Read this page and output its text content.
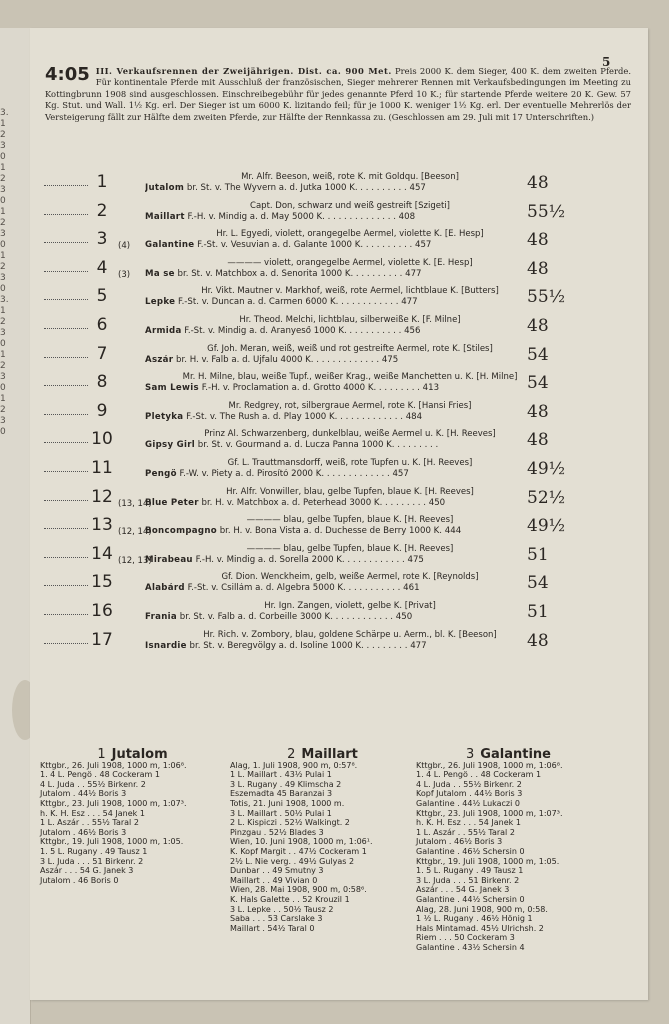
3.
1
2
3
0
1
2
3
0
1
2
3
0
1
2
3
0
3.
1
2
3
0
1
2
3
0
1
2
3
0
5
4:05 III. Verkaufsrennen der Zweijährigen. Dist. ca. 900 Met. Preis 2000 K. dem Sieger, 400 K. dem zweiten Pferde. Für kontinentale Pferde mit Ausschluß der französischen, Sieger mehrerer Rennen mit Verkaufsbedingungen im Meeting zu Kottingbrunn 1908 sind ausgeschlossen. Einschreibegebühr für jedes genannte Pferd 10 K.; für startende Pferde weitere 20 K. Gew. 57 Kg. Stut. und Wall. 1½ Kg. erl. Der Sieger ist um 6000 K. lizitando feil; für je 1000 K. weniger 1½ Kg. erl. Der eventuelle Mehrerlös der Versteigerung fällt zur Hälfte dem zweiten Pferde, zur Hälfte der Rennkassa zu. (Geschlossen am 29. Juli mit 17 Unterschriften.)
1	Mr. Alfr. Beeson, weiß, rote K. mit Goldqu. [Beeson]
Jutalom br. St. v. The Wyvern a. d. Jutka 1000 K. . . . . . . . . . 457	48
2	Capt. Don, schwarz und weiß gestreift [Szigeti]
Maillart F.-H. v. Mindig a. d. May 5000 K. . . . . . . . . . . . . . 408	55½
3	(4)
Hr. L. Egyedi, violett, orangegelbe Aermel, violette K. [E. Hesp]
Galantine F.-St. v. Vesuvian a. d. Galante 1000 K. . . . . . . . . . 457	48
4	(3)
———— violett, orangegelbe Aermel, violette K. [E. Hesp]
Ma se br. St. v. Matchbox a. d. Senorita 1000 K. . . . . . . . . . 477	48
5	Hr. Vikt. Mautner v. Markhof, weiß, rote Aermel, lichtblaue K. [Butters]
Lepke F.-St. v. Duncan a. d. Carmen 6000 K. . . . . . . . . . . . 477	55½
6	Hr. Theod. Melchi, lichtblau, silberweiße K. [F. Milne]
Armida F.-St. v. Mindig a. d. Aranyeső 1000 K. . . . . . . . . . . 456	48
7	Gf. Joh. Meran, weiß, weiß und rot gestreifte Aermel, rote K. [Stiles]
Aszár br. H. v. Falb a. d. Ujfalu 4000 K. . . . . . . . . . . . . 475	54
8	Mr. H. Milne, blau, weiße Tupf., weißer Krag., weiße Manchetten u. K. [H. Milne]
Sam Lewis F.-H. v. Proclamation a. d. Grotto 4000 K. . . . . . . . . 413	54
9	Mr. Redgrey, rot, silbergraue Aermel, rote K. [Hansi Fries]
Pletyka F.-St. v. The Rush a. d. Play 1000 K. . . . . . . . . . . . . 484	48
10	Prinz Al. Schwarzenberg, dunkelblau, weiße Aermel u. K. [H. Reeves]
Gipsy Girl br. St. v. Gourmand a. d. Lucza Panna 1000 K. . . . . . . . .	48
11	Gf. L. Trauttmansdorff, weiß, rote Tupfen u. K. [H. Reeves]
Pengö F.-W. v. Piety a. d. Pirosító 2000 K. . . . . . . . . . . . . 457	49½
12 (13, 14)
Hr. Alfr. Vonwiller, blau, gelbe Tupfen, blaue K. [H. Reeves]
Blue Peter br. H. v. Matchbox a. d. Peterhead 3000 K. . . . . . . . . 450	52½
13 (12, 14)
———— blau, gelbe Tupfen, blaue K. [H. Reeves]
Boncompagno br. H. v. Bona Vista a. d. Duchesse de Berry 1000 K. 444	49½
14 (12, 13)
———— blau, gelbe Tupfen, blaue K. [H. Reeves]
Mirabeau F.-H. v. Mindig a. d. Sorella 2000 K. . . . . . . . . . . . 475	51
15	Gf. Dion. Wenckheim, gelb, weiße Aermel, rote K. [Reynolds]
Alabárd F.-St. v. Csillám a. d. Algebra 5000 K. . . . . . . . . . . 461	54
16	Hr. Ign. Zangen, violett, gelbe K. [Privat]
Frania br. St. v. Falb a. d. Corbeille 3000 K. . . . . . . . . . . . 450	51
17	Hr. Rich. v. Zombory, blau, goldene Schärpe u. Aerm., bl. K. [Beeson]
Isnardie br. St. v. Beregvölgy a. d. Isoline 1000 K. . . . . . . . . 477	48
1 Jutalom
Kttgbr., 26. Juli 1908, 1000 m, 1:06⁸.
1. 4 L. Pengö . 48 Cockeram 1
4 L. Juda . . 55½ Birkenr. 2
Jutalom . 44½ Boris 3
Kttgbr., 23. Juli 1908, 1000 m, 1:07³.
h. K. H. Esz . . . 54 Janek 1
1 L. Aszár . . 55½ Taral 2
Jutalom . 46½ Boris 3
Kttgbr., 19. Juli 1908, 1000 m, 1:05.
1. 5 L. Rugany . 49 Tausz 1
3 L. Juda . . . 51 Birkenr. 2
Aszár . . . 54 G. Janek 3
Jutalom . 46 Boris 0
2 Maillart
Alag, 1. Juli 1908, 900 m, 0:57⁸.
1 L. Maillart . 43½ Pulai 1
3 L. Rugany . 49 Klimscha 2
Eszemadta 45 Baranzai 3
Totis, 21. Juni 1908, 1000 m.
3 L. Maillart . 50½ Pulai 1
2 L. Kispiczi . 52½ Walkingt. 2
Pinzgau . 52½ Blades 3
Wien, 10. Juni 1908, 1000 m, 1:06¹.
K. Kopf Margit . . 47½ Cockeram 1
2½ L. Nie verg. . 49½ Gulyas 2
Dunbar . . 49 Smutny 3
Maillart . . 49 Vivian 0
Wien, 28. Mai 1908, 900 m, 0:58⁶.
K. Hals Galette . . 52 Krouzil 1
3 L. Lepke . . 50½ Tausz 2
Saba . . . 53 Carslake 3
Maillart . 54½ Taral 0
3 Galantine
Kttgbr., 26. Juli 1908, 1000 m, 1:06⁸.
1. 4 L. Pengö . . 48 Cockeram 1
4 L. Juda . . 55½ Birkenr. 2
Kopf Jutalom . 44½ Boris 3
Galantine . 44½ Lukaczi 0
Kttgbr., 23. Juli 1908, 1000 m, 1:07³.
h. K. H. Esz . . . 54 Janek 1
1 L. Aszár . . 55½ Taral 2
Jutalom . 46½ Boris 3
Galantine . 46½ Schersin 0
Kttgbr., 19. Juli 1908, 1000 m, 1:05.
1. 5 L. Rugany . 49 Tausz 1
3 L. Juda . . . 51 Birkenr. 2
Aszár . . . 54 G. Janek 3
Galantine . 44½ Schersin 0
Alag, 28. Juni 1908, 900 m, 0:58.
1 ½ L. Rugany . 46½ Hönig 1
Hals Mintamad. 45½ Ulrichsh. 2
Riem . . . 50 Cockeram 3
Galantine . 43½ Schersin 4
